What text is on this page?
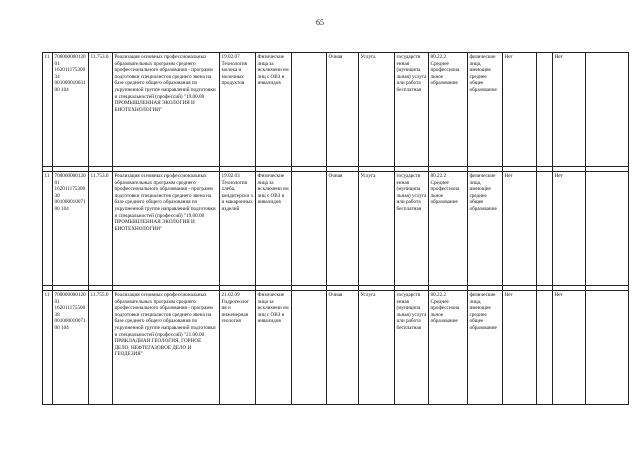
65
11	70000000012001 16201117530034 00100001003100 104	11.753.0	Реализация основных профессиональных образовательных программ среднего профессионального образования - программ подготовки специалистов среднего звена на базе среднего общего образования по укрупненной группе направлений подготовки и специальностей (профессий) "19.00.00 ПРОМЫШЛЕННАЯ ЭКОЛОГИЯ И БИОТЕХНОЛОГИИ"	19.02.07 Технология молока и молочных продуктов	Физические лица за исключени ем лиц с ОВЗ и инвалидов		Очная	Услуга	государств енная (муниципа льная) услуга или работа бесплатная	80.22.2 Среднее профессиона льное образование	физические лица, имеющие среднее общее образование	Нет		Нет	

11	70000000012001 16201117530030 00100001007100 104	11.753.0	Реализация основных профессиональных образовательных программ среднего профессионального образования - программ подготовки специалистов среднего звена на базе среднего общего образования по укрупненной группе направлений подготовки и специальностей (профессий) "19.00.00 ПРОМЫШЛЕННАЯ ЭКОЛОГИЯ И БИОТЕХНОЛОГИИ"	19.02.03 Технология хлеба, кондитерски х и макаронных изделий	Физические лица за исключени ем лиц с ОВЗ и инвалидов		Очная	Услуга	государств енная (муниципа льная) услуга или работа бесплатная	80.22.2 Среднее профессиона льное образование	физические лица, имеющие среднее общее образование	Нет		Нет	

11	70000000012001 16201117550038 00100001007100 104	11.755.0	Реализация основных профессиональных образовательных программ среднего профессионального образования - программ подготовки специалистов среднего звена на базе среднего общего образования по укрупненной группе направлений подготовки и специальностей (профессий) "21.00.00 ПРИКЛАДНАЯ ГЕОЛОГИЯ, ГОРНОЕ ДЕЛО, НЕФТЕГАЗОВОЕ ДЕЛО И ГЕОДЕЗИЯ"	21.02.09 Гидрогеолог ия и инженерная геология	Физические лица за исключени ем лиц с ОВЗ и инвалидов		Очная	Услуга	государств енная (муниципа льная) услуга или работа бесплатная	80.22.2 Среднее профессиона льное образование	физические лица, имеющие среднее общее образование	Нет		Нет	
